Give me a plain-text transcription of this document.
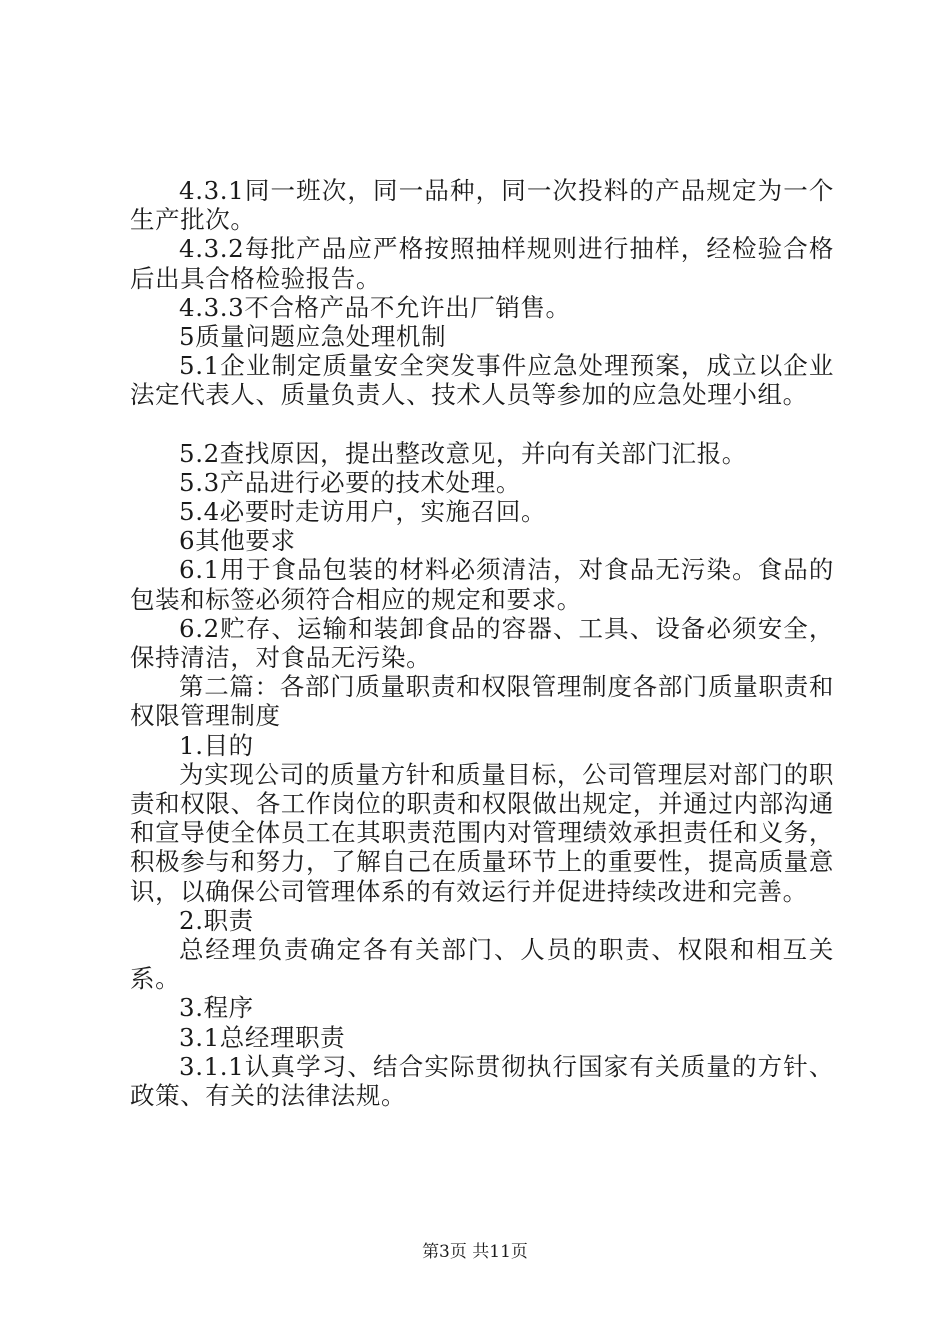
4.3.1同一班次，同一品种，同一次投料的产品规定为一个生产批次。

4.3.2每批产品应严格按照抽样规则进行抽样，经检验合格后出具合格检验报告。

4.3.3不合格产品不允许出厂销售。

5质量问题应急处理机制

5.1企业制定质量安全突发事件应急处理预案，成立以企业法定代表人、质量负责人、技术人员等参加的应急处理小组。

5.2查找原因，提出整改意见，并向有关部门汇报。

5.3产品进行必要的技术处理。

5.4必要时走访用户，实施召回。

6其他要求

6.1用于食品包装的材料必须清洁，对食品无污染。食品的包装和标签必须符合相应的规定和要求。

6.2贮存、运输和装卸食品的容器、工具、设备必须安全，保持清洁，对食品无污染。

第二篇：各部门质量职责和权限管理制度各部门质量职责和权限管理制度

1.目的

为实现公司的质量方针和质量目标，公司管理层对部门的职责和权限、各工作岗位的职责和权限做出规定，并通过内部沟通和宣导使全体员工在其职责范围内对管理绩效承担责任和义务，积极参与和努力，了解自己在质量环节上的重要性，提高质量意识，以确保公司管理体系的有效运行并促进持续改进和完善。

2.职责

总经理负责确定各有关部门、人员的职责、权限和相互关系。

3.程序

3.1总经理职责

3.1.1认真学习、结合实际贯彻执行国家有关质量的方针、政策、有关的法律法规。

第3页 共11页
